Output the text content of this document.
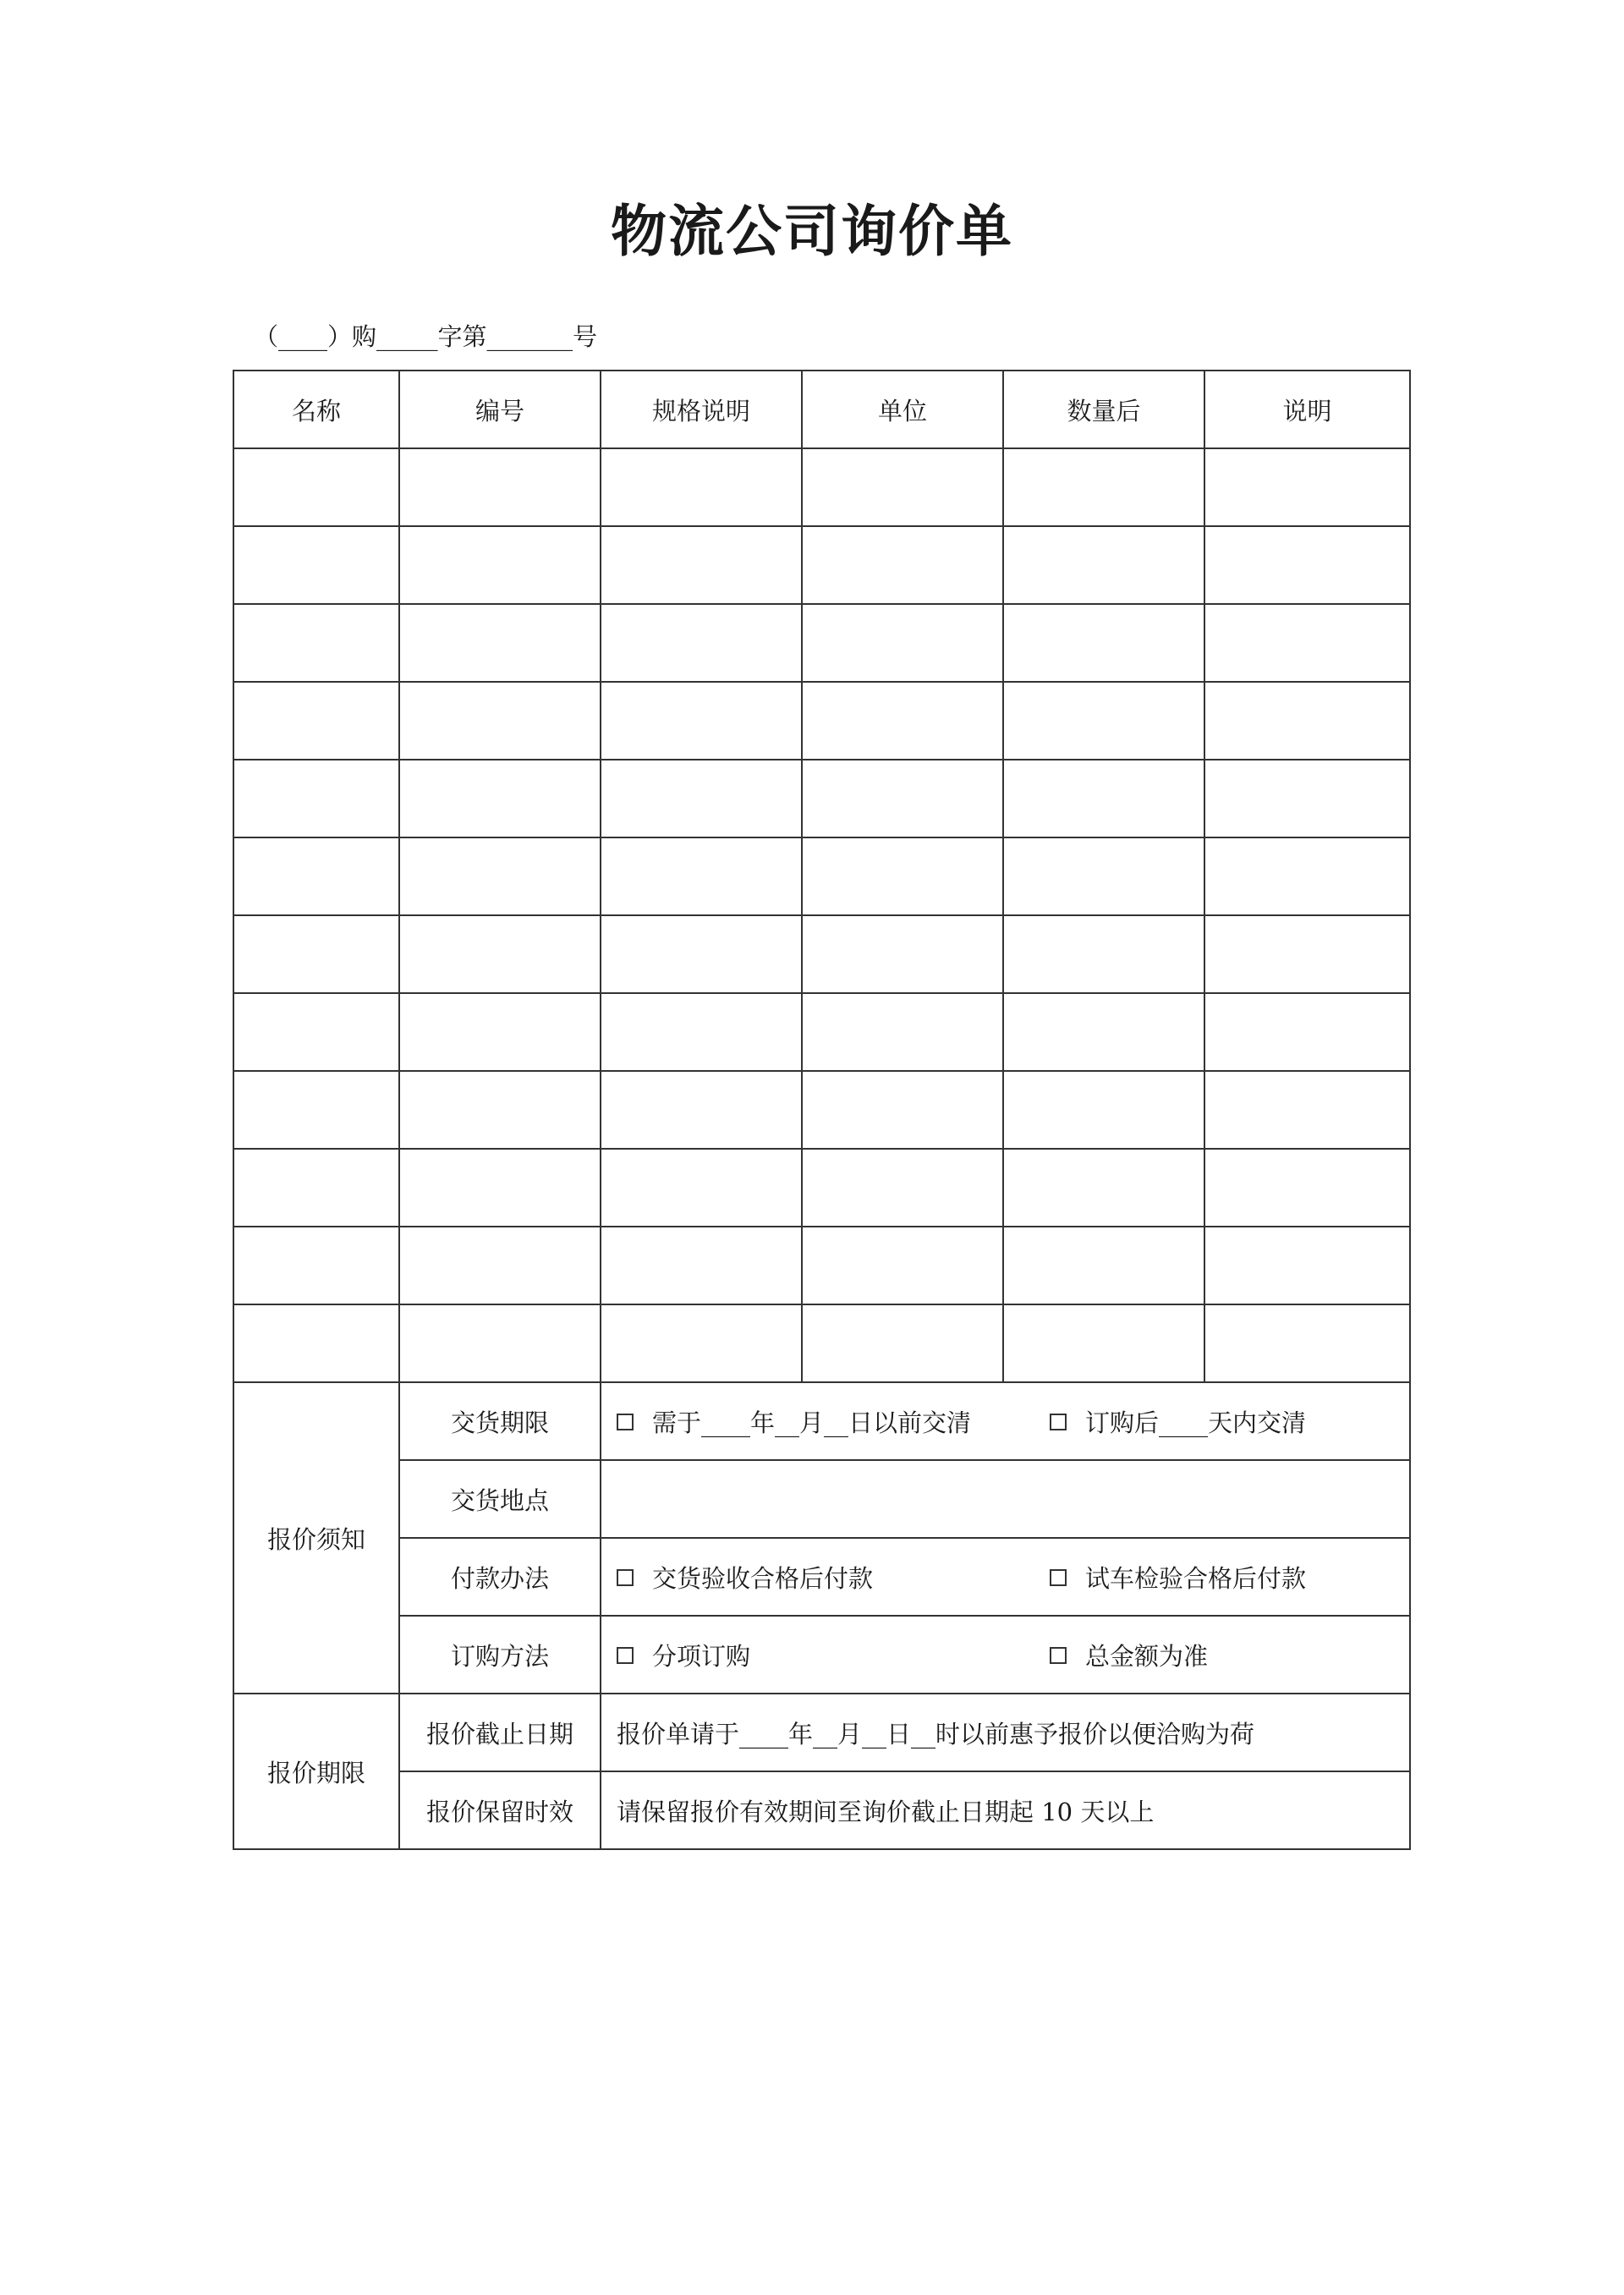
物流公司询价单
（____）购_____字第_______号
名称	编号	规格说明	单位	数量后	说明

报价须知	交货期限	需于____年__月__日以前交清 订购后____天内交清			
	交货地点				
	付款办法	交货验收合格后付款 试车检验合格后付款			
	订购方法	分项订购 总金额为准			
报价期限	报价截止日期	报价单请于____年__月__日__时以前惠予报价以便洽购为荷			
	报价保留时效	请保留报价有效期间至询价截止日期起 10 天以上			
